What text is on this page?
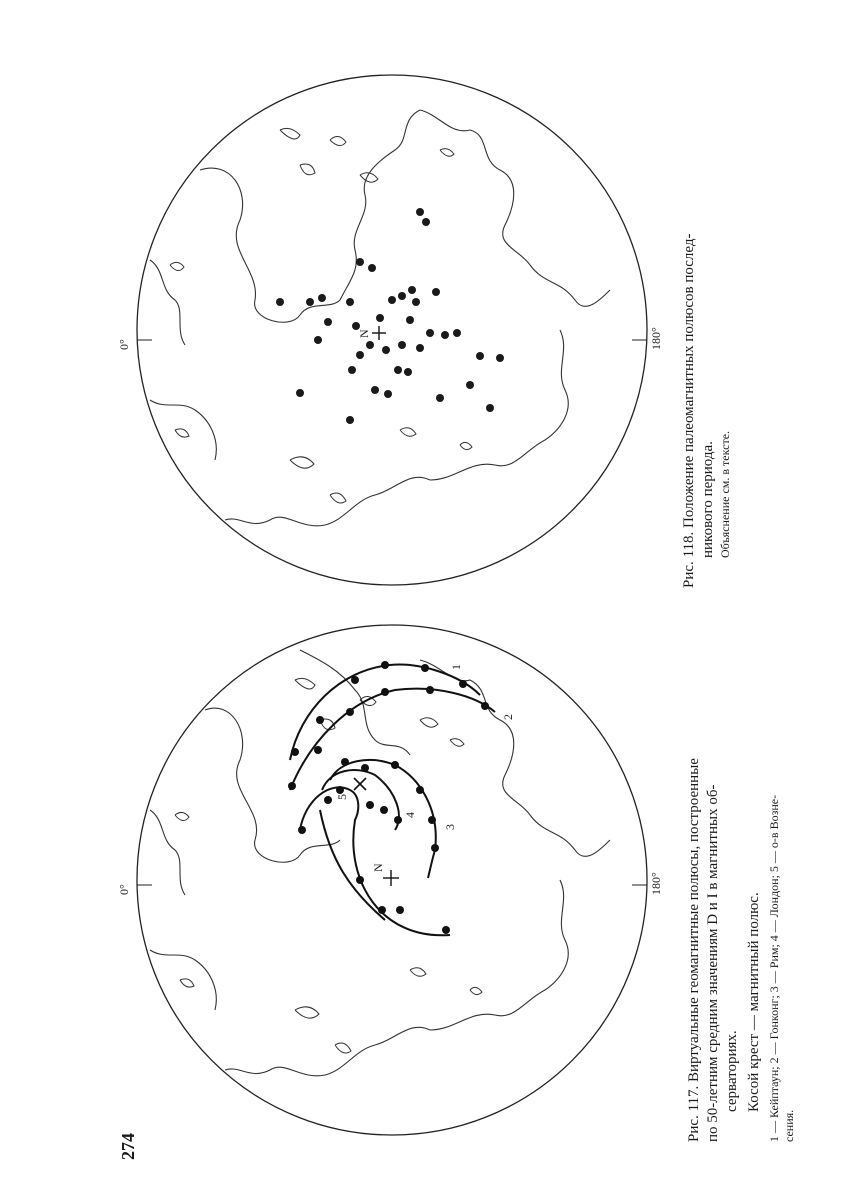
N
0°	180°
N
0°	180°
1
2
3
4
5
Рис. 118. Положение палеомагнитных полюсов послед- никового периода. Объяснение см. в тексте.
Рис. 117. Виртуальные геомагнитные полюсы, построенные по 50-летним средним значениям D и I в магнитных об- серваториях. Косой крест — магнитный полюс. 1 — Кейптаун; 2 — Гонконг; 3 — Рим; 4 — Лондон; 5 — о-в Возне- сения.
274
